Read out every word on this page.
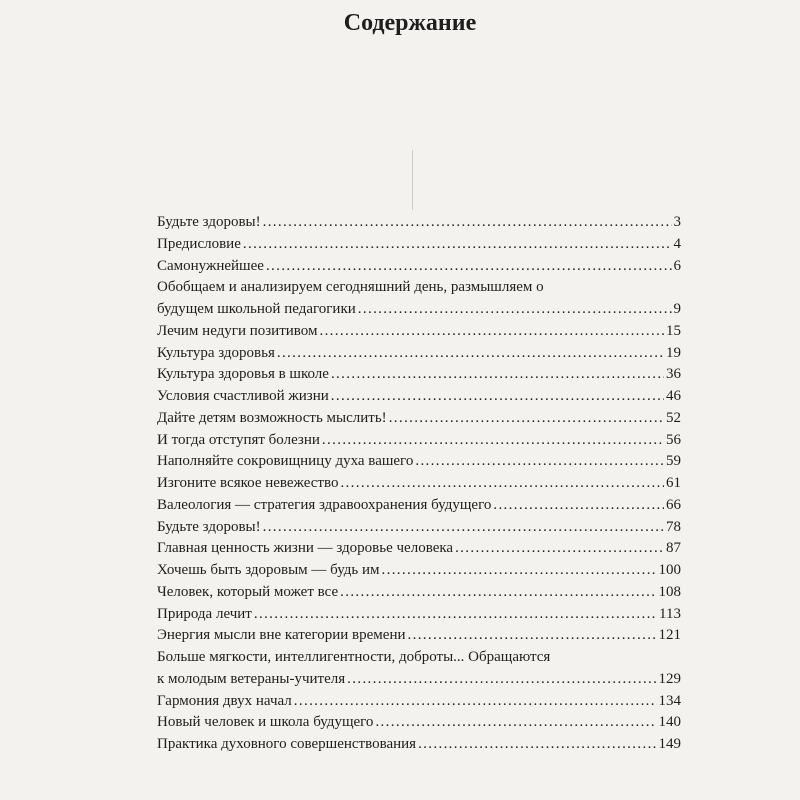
Содержание
Будьте здоровы! . . .	3
Предисловие . . .	4
Самонужнейшее . . .	6
Обобщаем и анализируем сегодняшний день, размышляем о
будущем школьной педагогики . . .	9
Лечим недуги позитивом . . .	15
Культура здоровья . . .	19
Культура здоровья в школе . . .	36
Условия счастливой жизни . . .	46
Дайте детям возможность мыслить! . . .	52
И тогда отступят болезни . . .	56
Наполняйте сокровищницу духа вашего . . .	59
Изгоните всякое невежество . . .	61
Валеология — стратегия здравоохранения будущего . . .	66
Будьте здоровы! . . .	78
Главная ценность жизни — здоровье человека . . .	87
Хочешь быть здоровым — будь им . . .	100
Человек, который может все . . .	108
Природа лечит . . .	113
Энергия мысли вне категории времени . . .	121
Больше мягкости, интеллигентности, доброты... Обращаются
к молодым ветераны-учителя . . .	129
Гармония двух начал . . .	134
Новый человек и школа будущего . . .	140
Практика духовного совершенствования . . .	149
